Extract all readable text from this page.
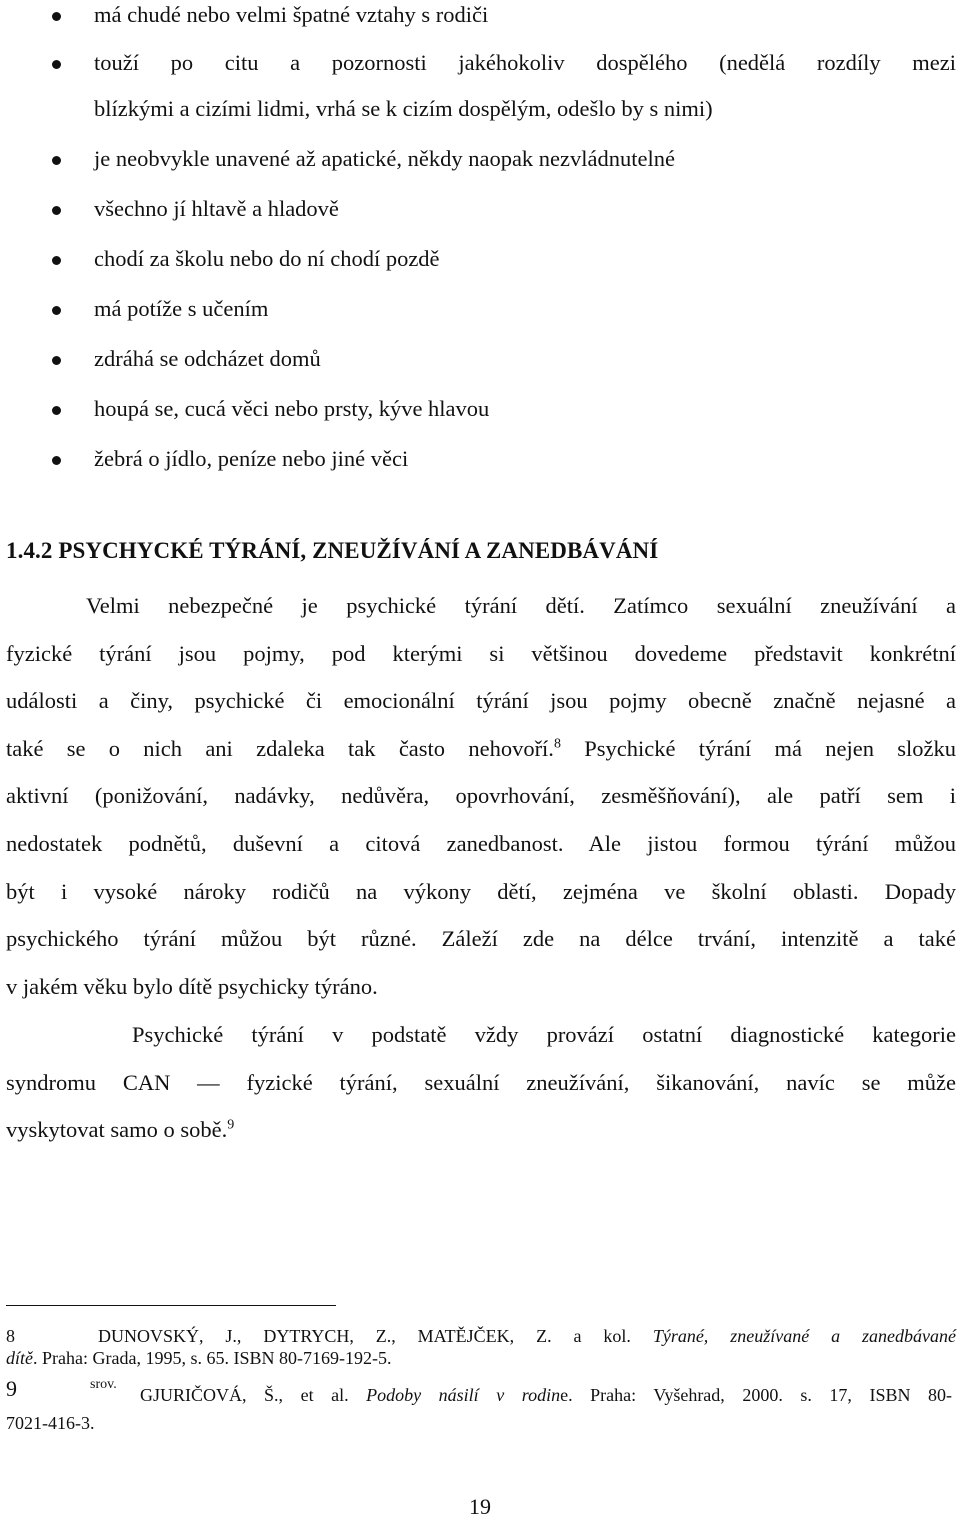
má chudé nebo velmi špatné vztahy s rodiči
touží po citu a pozornosti jakéhokoliv dospělého (nedělá rozdíly mezi
blízkými a cizími lidmi, vrhá se k cizím dospělým, odešlo by s nimi)
je neobvykle unavené až apatické, někdy naopak nezvládnutelné
všechno jí hltavě a hladově
chodí za školu nebo do ní chodí pozdě
má potíže s učením
zdráhá se odcházet domů
houpá se, cucá věci nebo prsty, kýve hlavou
žebrá o jídlo, peníze nebo jiné věci
1.4.2 PSYCHYCKÉ TÝRÁNÍ, ZNEUŽÍVÁNÍ A ZANEDBÁVÁNÍ
Velmi nebezpečné je psychické týrání dětí. Zatímco sexuální zneužívání a
fyzické týrání jsou pojmy, pod kterými si většinou dovedeme představit konkrétní
události a činy, psychické či emocionální týrání jsou pojmy obecně značně nejasné a
také se o nich ani zdaleka tak často nehovoří.$^8$ Psychické týrání má nejen složku
aktivní (ponižování, nadávky, nedůvěra, opovrhování, zesměšňování), ale patří sem i
nedostatek podnětů, duševní a citová zanedbanost. Ale jistou formou týrání můžou
být i vysoké nároky rodičů na výkony dětí, zejména ve školní oblasti. Dopady
psychického týrání můžou být různé. Záleží zde na délce trvání, intenzitě a také
v jakém věku bylo dítě psychicky týráno.
Psychické týrání v podstatě vždy provází ostatní diagnostické kategorie
syndromu CAN — fyzické týrání, sexuální zneužívání, šikanování, navíc se může
vyskytovat samo o sobě.$^9$
8	DUNOVSKÝ, J., DYTRYCH, Z., MATĚJČEK, Z. a kol. Týrané, zneužívané a zanedbávané
dítě. Praha: Grada, 1995, s. 65. ISBN 80-7169-192-5.
9	srov.
GJURIČOVÁ, Š., et al. Podoby násilí v rodine. Praha: Vyšehrad, 2000. s. 17, ISBN 80-
7021-416-3.
19
